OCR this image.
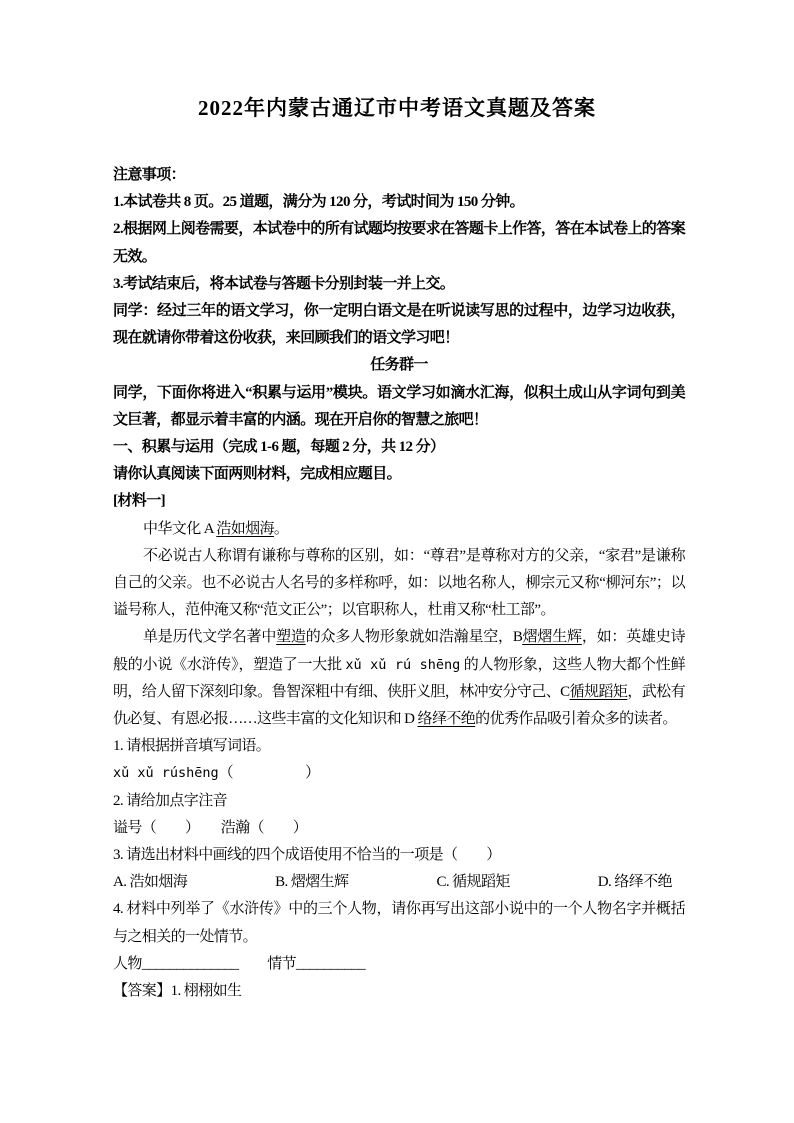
2022年内蒙古通辽市中考语文真题及答案

注意事项：

1.本试卷共 8 页。25 道题，满分为 120 分，考试时间为 150 分钟。

2.根据网上阅卷需要，本试卷中的所有试题均按要求在答题卡上作答，答在本试卷上的答案无效。

3.考试结束后，将本试卷与答题卡分别封装一并上交。

同学：经过三年的语文学习，你一定明白语文是在听说读写思的过程中，边学习边收获，现在就请你带着这份收获，来回顾我们的语文学习吧！

任务群一

同学，下面你将进入“积累与运用”模块。语文学习如滴水汇海，似积土成山从字词句到美文巨著，都显示着丰富的内涵。现在开启你的智慧之旅吧！

一、积累与运用（完成 1-6 题，每题 2 分，共 12 分）

请你认真阅读下面两则材料，完成相应题目。

[材料一]

中华文化 A 浩如烟海。

不必说古人称谓有谦称与尊称的区别，如：“尊君”是尊称对方的父亲，“家君”是谦称自己的父亲。也不必说古人名号的多样称呼，如：以地名称人，柳宗元又称“柳河东”；以谥号称人，范仲淹又称“范文正公”；以官职称人，杜甫又称“杜工部”。

单是历代文学名著中塑造的众多人物形象就如浩瀚星空，B熠熠生辉，如：英雄史诗般的小说《水浒传》，塑造了一大批 xǔ xǔ rú shēng 的人物形象，这些人物大都个性鲜明，给人留下深刻印象。鲁智深粗中有细、侠肝义胆，林冲安分守己、C循规蹈矩，武松有仇必复、有恩必报……这些丰富的文化知识和 D 络绎不绝的优秀作品吸引着众多的读者。

1. 请根据拼音填写词语。

xǔ xǔ rúshēng（　　　　　）

2. 请给加点字注音

谥号（　　）　　浩瀚（　　）

3. 请选出材料中画线的四个成语使用不恰当的一项是（　　）

A. 浩如烟海	B. 熠熠生辉	C. 循规蹈矩	D. 络绎不绝

4. 材料中列举了《水浒传》中的三个人物，请你再写出这部小说中的一个人物名字并概括与之相关的一处情节。

人物______________　　情节__________

【答案】1. 栩栩如生
